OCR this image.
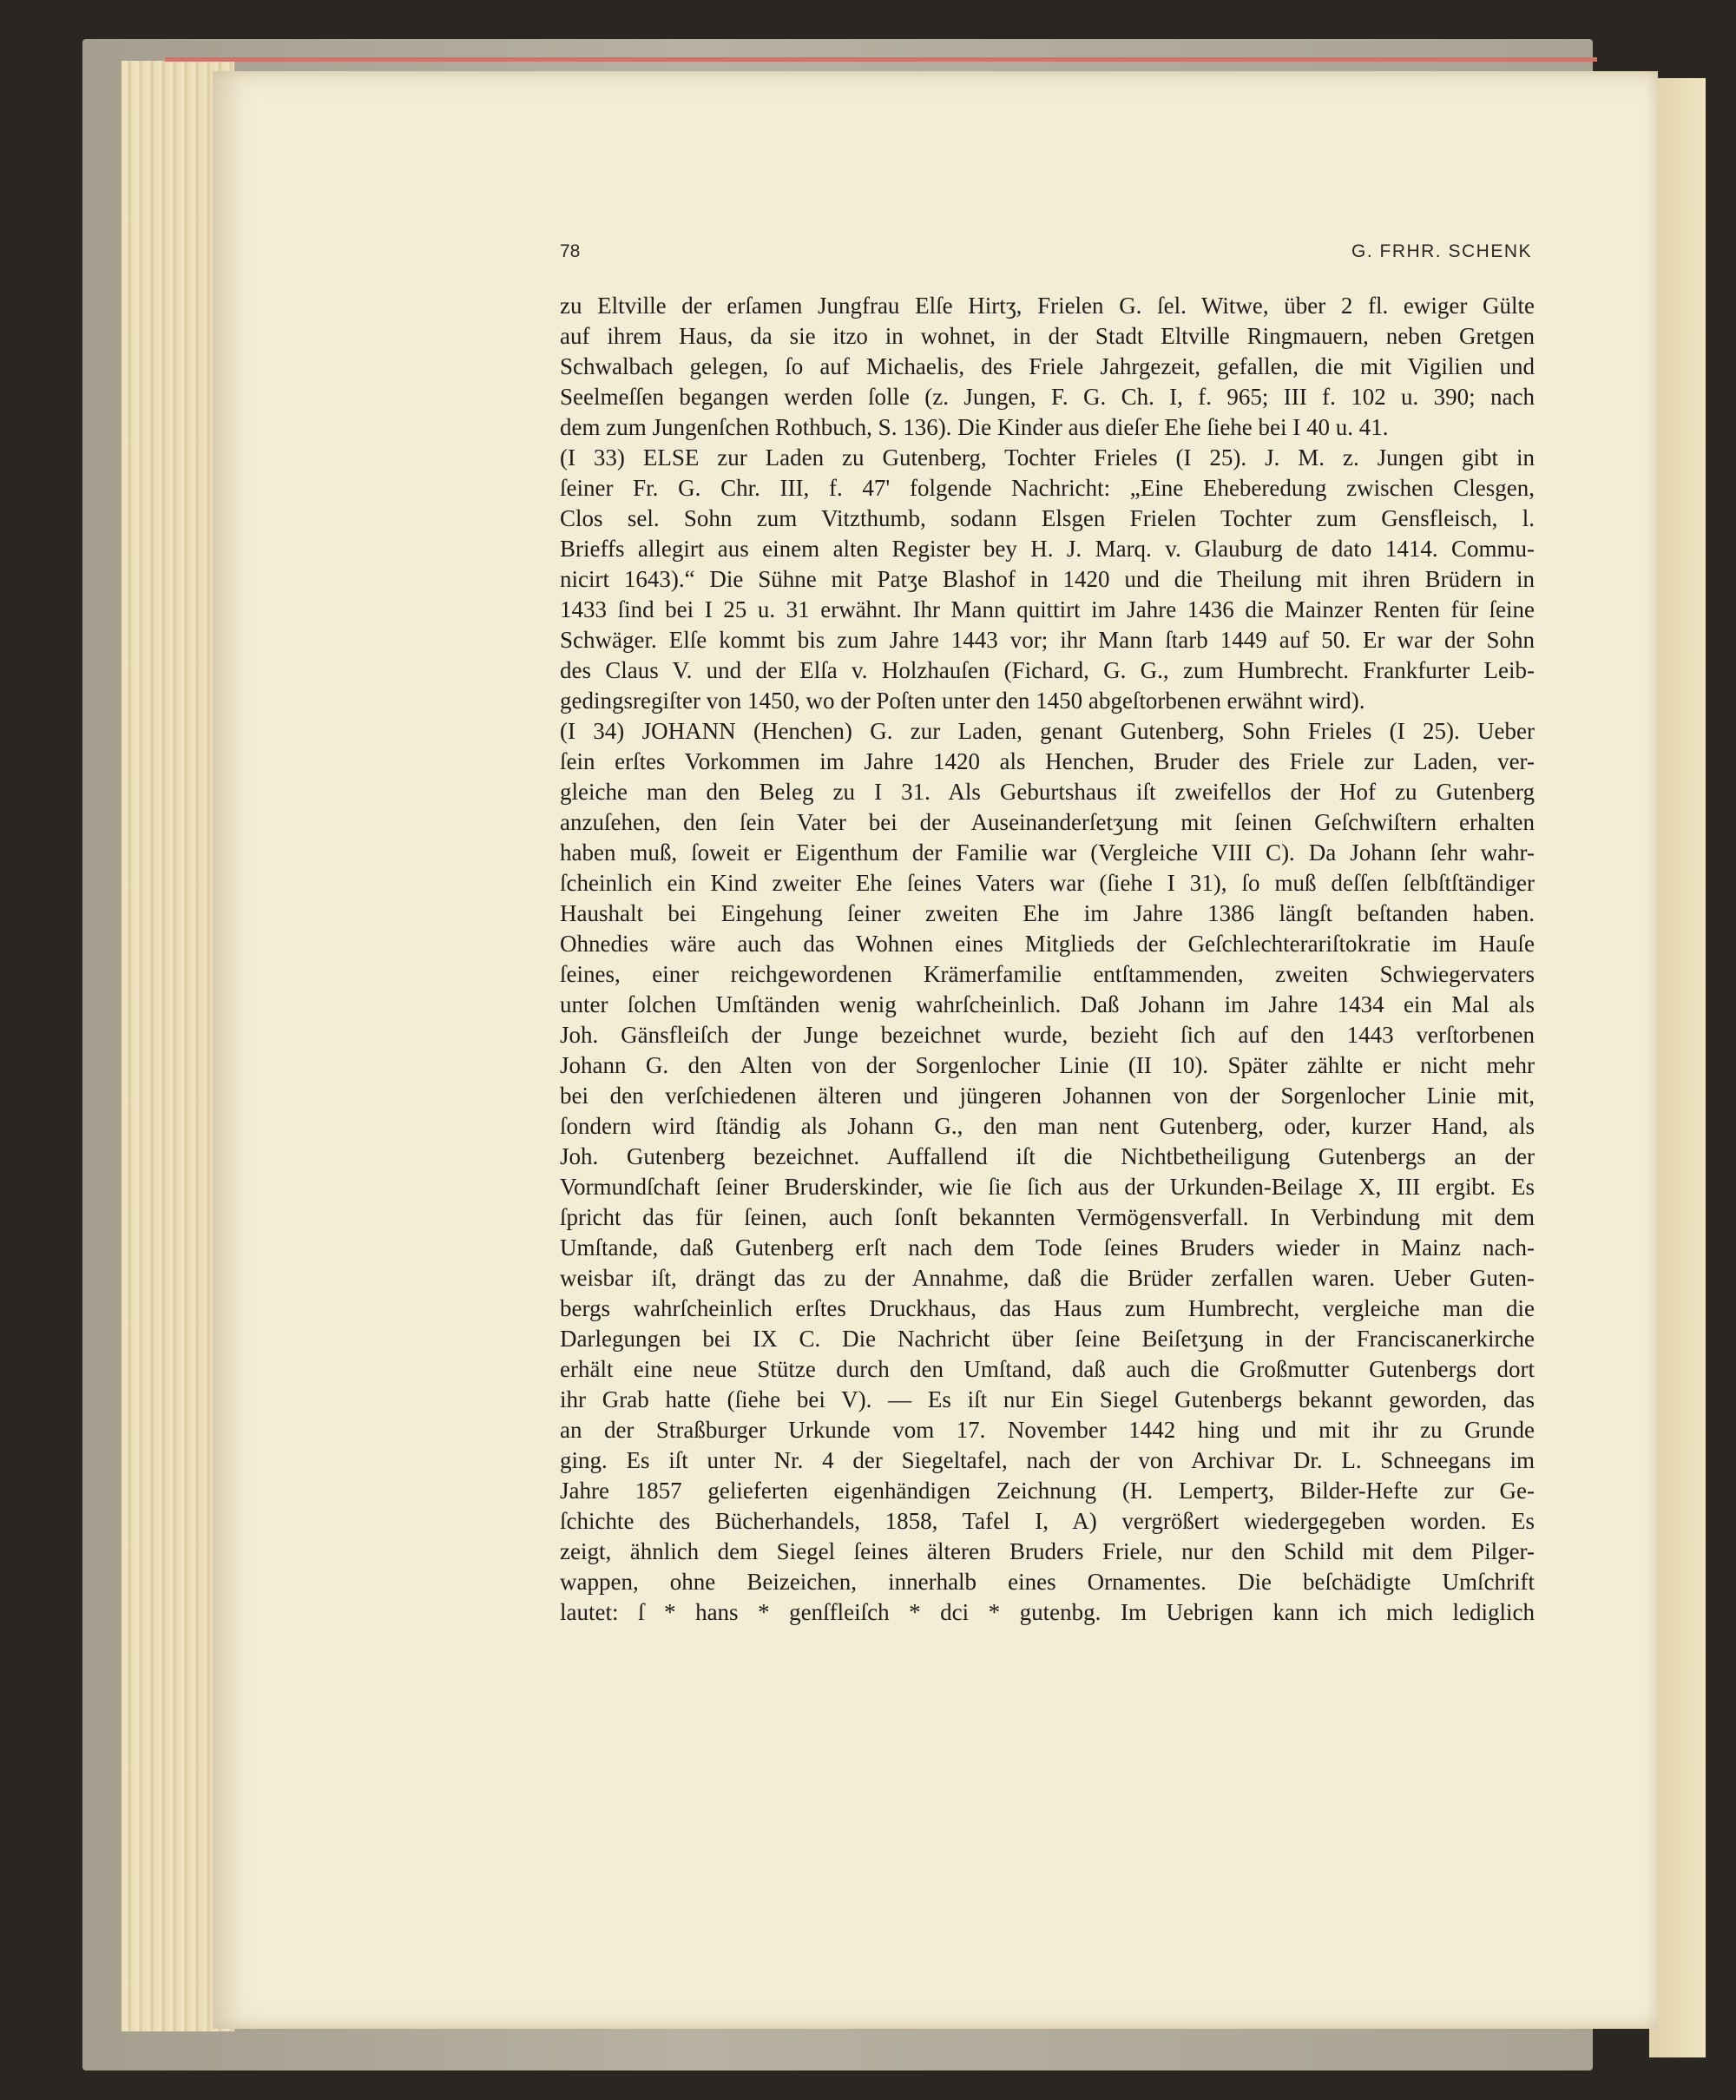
78	G. FRHR. SCHENK
zu Eltville der erſamen Jungfrau Elſe Hirtʒ, Frielen G. ſel. Witwe, über 2 fl. ewiger Gülte
auf ihrem Haus, da sie itzo in wohnet, in der Stadt Eltville Ringmauern, neben Gretgen
Schwalbach gelegen, ſo auf Michaelis, des Friele Jahrgezeit, gefallen, die mit Vigilien und
Seelmeſſen begangen werden ſolle (z. Jungen, F. G. Ch. I, f. 965; III f. 102 u. 390; nach
dem zum Jungenſchen Rothbuch, S. 136). Die Kinder aus dieſer Ehe ſiehe bei I 40 u. 41.
(I 33) ELSE zur Laden zu Gutenberg, Tochter Frieles (I 25). J. M. z. Jungen gibt in
ſeiner Fr. G. Chr. III, f. 47' folgende Nachricht: „Eine Eheberedung zwischen Clesgen,
Clos sel. Sohn zum Vitzthumb, sodann Elsgen Frielen Tochter zum Gensfleisch, l.
Brieffs allegirt aus einem alten Register bey H. J. Marq. v. Glauburg de dato 1414. Commu-
nicirt 1643).“ Die Sühne mit Patʒe Blashof in 1420 und die Theilung mit ihren Brüdern in
1433 ſind bei I 25 u. 31 erwähnt. Ihr Mann quittirt im Jahre 1436 die Mainzer Renten für ſeine
Schwäger. Elſe kommt bis zum Jahre 1443 vor; ihr Mann ſtarb 1449 auf 50. Er war der Sohn
des Claus V. und der Elſa v. Holzhauſen (Fichard, G. G., zum Humbrecht. Frankfurter Leib-
gedingsregiſter von 1450, wo der Poſten unter den 1450 abgeſtorbenen erwähnt wird).
(I 34) JOHANN (Henchen) G. zur Laden, genant Gutenberg, Sohn Frieles (I 25). Ueber
ſein erſtes Vorkommen im Jahre 1420 als Henchen, Bruder des Friele zur Laden, ver-
gleiche man den Beleg zu I 31. Als Geburtshaus iſt zweifellos der Hof zu Gutenberg
anzuſehen, den ſein Vater bei der Auseinanderſetʒung mit ſeinen Geſchwiſtern erhalten
haben muß, ſoweit er Eigenthum der Familie war (Vergleiche VIII C). Da Johann ſehr wahr-
ſcheinlich ein Kind zweiter Ehe ſeines Vaters war (ſiehe I 31), ſo muß deſſen ſelbſtſtändiger
Haushalt bei Eingehung ſeiner zweiten Ehe im Jahre 1386 längſt beſtanden haben.
Ohnedies wäre auch das Wohnen eines Mitglieds der Geſchlechterariſtokratie im Hauſe
ſeines, einer reichgewordenen Krämerfamilie entſtammenden, zweiten Schwiegervaters
unter ſolchen Umſtänden wenig wahrſcheinlich. Daß Johann im Jahre 1434 ein Mal als
Joh. Gänsfleiſch der Junge bezeichnet wurde, bezieht ſich auf den 1443 verſtorbenen
Johann G. den Alten von der Sorgenlocher Linie (II 10). Später zählte er nicht mehr
bei den verſchiedenen älteren und jüngeren Johannen von der Sorgenlocher Linie mit,
ſondern wird ſtändig als Johann G., den man nent Gutenberg, oder, kurzer Hand, als
Joh. Gutenberg bezeichnet. Auffallend iſt die Nichtbetheiligung Gutenbergs an der
Vormundſchaft ſeiner Bruderskinder, wie ſie ſich aus der Urkunden-Beilage X, III ergibt. Es
ſpricht das für ſeinen, auch ſonſt bekannten Vermögensverfall. In Verbindung mit dem
Umſtande, daß Gutenberg erſt nach dem Tode ſeines Bruders wieder in Mainz nach-
weisbar iſt, drängt das zu der Annahme, daß die Brüder zerfallen waren. Ueber Guten-
bergs wahrſcheinlich erſtes Druckhaus, das Haus zum Humbrecht, vergleiche man die
Darlegungen bei IX C. Die Nachricht über ſeine Beiſetʒung in der Franciscanerkirche
erhält eine neue Stütze durch den Umſtand, daß auch die Großmutter Gutenbergs dort
ihr Grab hatte (ſiehe bei V). — Es iſt nur Ein Siegel Gutenbergs bekannt geworden, das
an der Straßburger Urkunde vom 17. November 1442 hing und mit ihr zu Grunde
ging. Es iſt unter Nr. 4 der Siegeltafel, nach der von Archivar Dr. L. Schneegans im
Jahre 1857 gelieferten eigenhändigen Zeichnung (H. Lempertʒ, Bilder-Hefte zur Ge-
ſchichte des Bücherhandels, 1858, Tafel I, A) vergrößert wiedergegeben worden. Es
zeigt, ähnlich dem Siegel ſeines älteren Bruders Friele, nur den Schild mit dem Pilger-
wappen, ohne Beizeichen, innerhalb eines Ornamentes. Die beſchädigte Umſchrift
lautet: ſ * hans * genſfleiſch * dci * gutenbg. Im Uebrigen kann ich mich lediglich
